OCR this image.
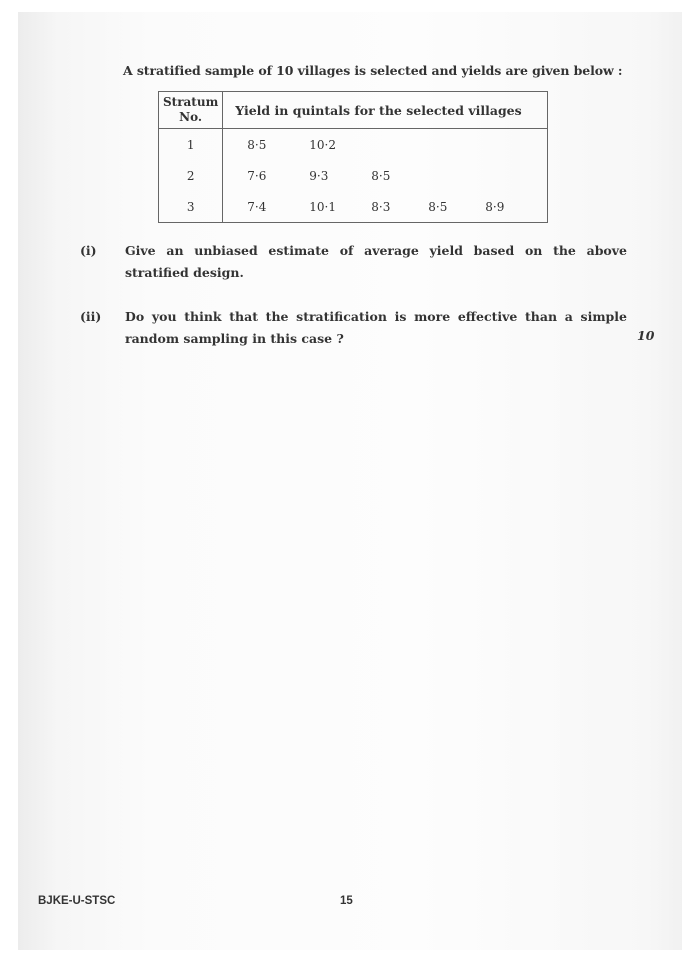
A stratified sample of 10 villages is selected and yields are given below :
Stratum No.	Yield in quintals for the selected villages
1	8·5 10·2

2	7·6 9·3 8·5

3	7·4 10·1 8·3 8·5 8·9
(i) Give an unbiased estimate of average yield based on the above stratified design.
(ii) Do you think that the stratification is more effective than a simple random sampling in this case ?	10
BJKE-U-STSC	15
